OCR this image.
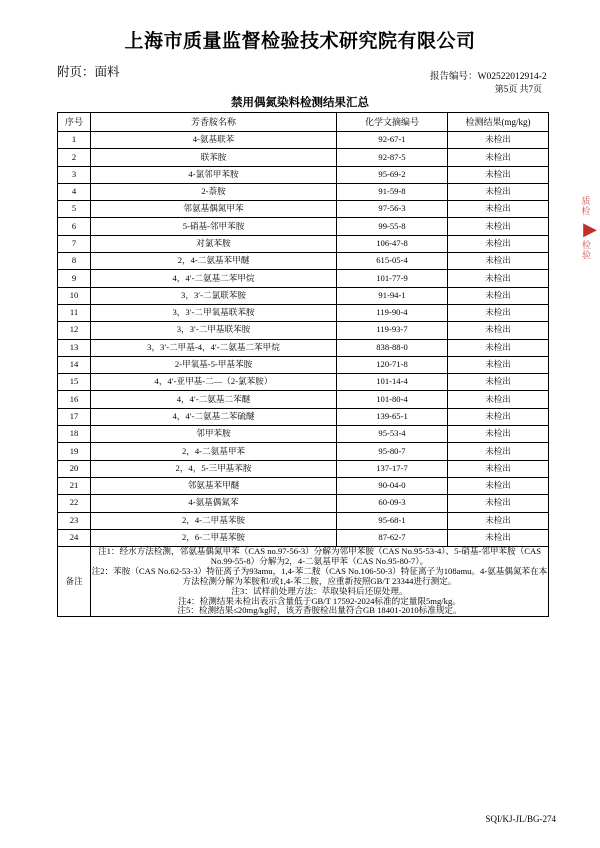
上海市质量监督检验技术研究院有限公司
附页：面料	报告编号：W02522012914-2
第5页 共7页
禁用偶氮染料检测结果汇总
序号	芳香胺名称	化学文摘编号	检测结果(mg/kg)
1	4-氨基联苯	92-67-1	未检出
2	联苯胺	92-87-5	未检出
3	4-氯邻甲苯胺	95-69-2	未检出
4	2-萘胺	91-59-8	未检出
5	邻氨基偶氮甲苯	97-56-3	未检出
6	5-硝基-邻甲苯胺	99-55-8	未检出
7	对氯苯胺	106-47-8	未检出
8	2，4-二氨基苯甲醚	615-05-4	未检出
9	4，4′-二氨基二苯甲烷	101-77-9	未检出
10	3，3′-二氯联苯胺	91-94-1	未检出
11	3，3′-二甲氧基联苯胺	119-90-4	未检出
12	3，3′-二甲基联苯胺	119-93-7	未检出
13	3，3′-二甲基-4，4′-二氨基二苯甲烷	838-88-0	未检出
14	2-甲氧基-5-甲基苯胺	120-71-8	未检出
15	4，4′-亚甲基-二—（2-氯苯胺）	101-14-4	未检出
16	4，4′-二氨基二苯醚	101-80-4	未检出
17	4，4′-二氨基二苯硫醚	139-65-1	未检出
18	邻甲苯胺	95-53-4	未检出
19	2，4-二氨基甲苯	95-80-7	未检出
20	2，4，5-三甲基苯胺	137-17-7	未检出
21	邻氨基苯甲醚	90-04-0	未检出
22	4-氨基偶氮苯	60-09-3	未检出
23	2，4-二甲基苯胺	95-68-1	未检出
24	2，6-二甲基苯胺	87-62-7	未检出
备注	注1：经水方法检测，邻氨基偶氮甲苯（CAS no.97-56-3）分解为邻甲苯胺（CAS No.95-53-4）、5-硝基-邻甲苯胺（CAS No.99-55-8）分解为2，4-二氨基甲苯（CAS No.95-80-7）。

注2：苯胺（CAS No.62-53-3）特征离子为93amu，1,4-苯二胺（CAS No.106-50-3）特征离子为108amu。4-氨基偶氮苯在本方法检测分解为苯胺和/或1,4-苯二胺，应重新按照GB/T 23344进行测定。

注3：试样前处理方法：萃取染料后还原处理。

注4：检测结果未检出表示含量低于GB/T 17592-2024标准的定量限5mg/kg。

注5：检测结果≤20mg/kg时，该芳香胺检出量符合GB 18401-2010标准规定。		

质检
▶
检验
SQI/KJ-JL/BG-274
